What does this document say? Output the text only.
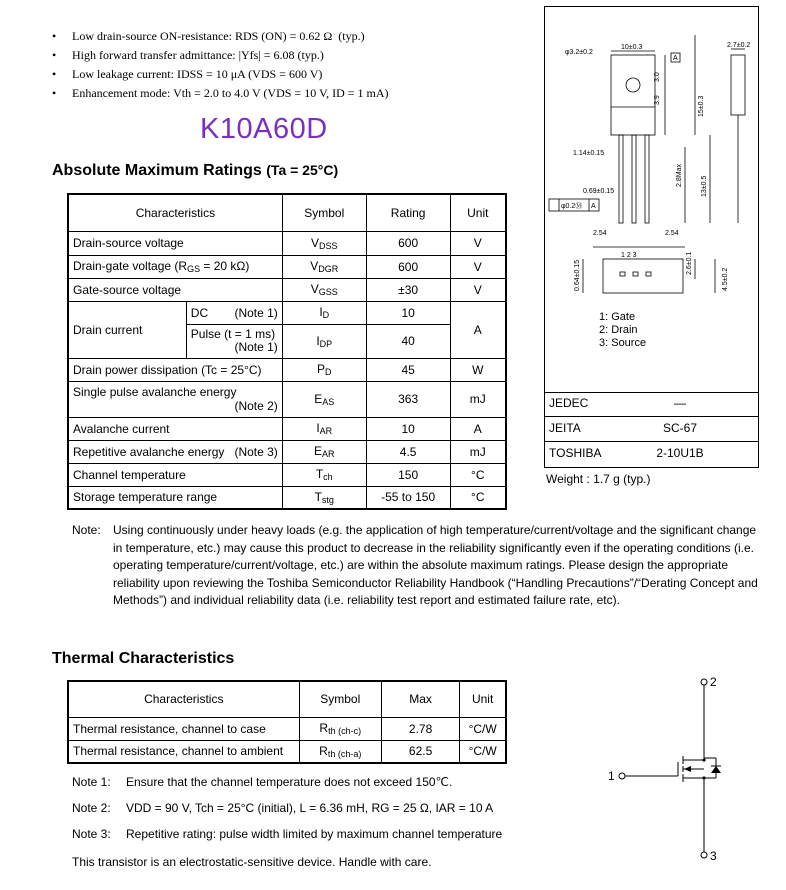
• Low drain-source ON-resistance: RDS (ON) = 0.62 Ω (typ.)
• High forward transfer admittance: |Yfs| = 6.08 (typ.)
• Low leakage current: IDSS = 10 μA (VDS = 600 V)
• Enhancement mode: Vth = 2.0 to 4.0 V (VDS = 10 V, ID = 1 mA)
K10A60D
Absolute Maximum Ratings (Ta = 25°C)
Characteristics		Symbol	Rating	Unit
Drain-source voltage		$V_{DSS}$	600	V
Drain-gate voltage ($R_{GS} = 20$ kΩ)		$V_{DGR}$	600	V
Gate-source voltage		$V_{GSS}$	±30	V
Drain current	DC (Note 1)	$I_D$	10	A

	Pulse (t = 1 ms)
(Note 1)	$I_{DP}$	40	
Drain power dissipation (Tc = 25°C)		$P_D$	45	W

Single pulse avalanche energy
(Note 2)		$E_{AS}$	363	mJ
Avalanche current		$I_{AR}$	10	A
Repetitive avalanche energy (Note 3)		$E_{AR}$	4.5	mJ
Channel temperature		$T_{ch}$	150	°C
Storage temperature range		$T_{stg}$	-55 to 150	°C
Note: Using continuously under heavy loads (e.g. the application of high temperature/current/voltage and the significant change in temperature, etc.) may cause this product to decrease in the reliability significantly even if the operating conditions (i.e. operating temperature/current/voltage, etc.) are within the absolute maximum ratings. Please design the appropriate reliability upon reviewing the Toshiba Semiconductor Reliability Handbook (“Handling Precautions”/“Derating Concept and Methods”) and individual reliability data (i.e. reliability test report and estimated failure rate, etc).
Thermal Characteristics
Characteristics	Symbol	Max	Unit
Thermal resistance, channel to case	$R_{th (ch-c)}$	2.78	°C/W
Thermal resistance, channel to ambient	$R_{th (ch-a)}$	62.5	°C/W
Note 1: Ensure that the channel temperature does not exceed 150℃.
Note 2: VDD = 90 V, Tch = 25°C (initial), L = 6.36 mH, RG = 25 Ω, IAR = 10 A
Note 3: Repetitive rating: pulse width limited by maximum channel temperature
This transistor is an electrostatic-sensitive device. Handle with care.
φ3.2±0.2
10±0.3
A
2.7±0.2
3.0
3.9	15±0.3
1.14±0.15
2.8Max	13±0.5
0.69±0.15
φ0.2Ⓜ A
2.54	2.54
1 2 3
0.64±0.15	2.6±0.1
4.5±0.2
1: Gate
2: Drain
3: Source
JEDEC	―
JEITA	SC-67
TOSHIBA	2-10U1B
Weight : 1.7 g (typ.)
2
3
1
